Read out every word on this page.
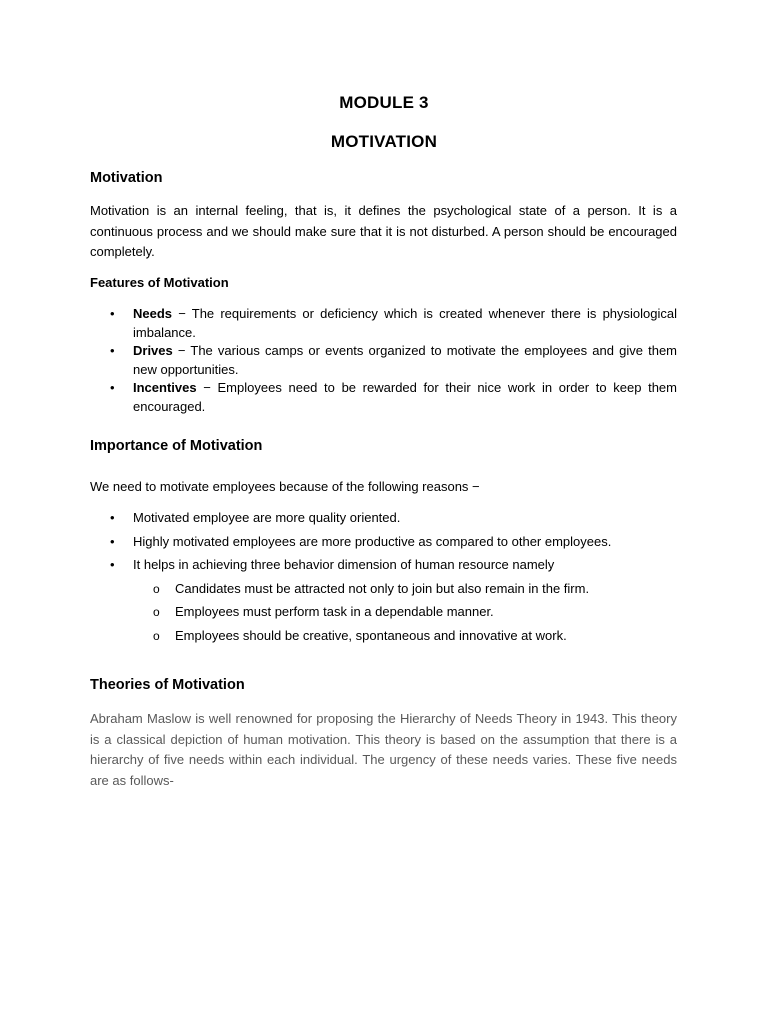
MODULE 3
MOTIVATION
Motivation

Motivation is an internal feeling, that is, it defines the psychological state of a person. It is a continuous process and we should make sure that it is not disturbed. A person should be encouraged completely.

Features of Motivation
• Needs − The requirements or deficiency which is created whenever there is physiological imbalance.
• Drives − The various camps or events organized to motivate the employees and give them new opportunities.
• Incentives − Employees need to be rewarded for their nice work in order to keep them encouraged.
Importance of Motivation
We need to motivate employees because of the following reasons −
• Motivated employee are more quality oriented.
• Highly motivated employees are more productive as compared to other employees.
• It helps in achieving three behavior dimension of human resource namely
o Candidates must be attracted not only to join but also remain in the firm.
o Employees must perform task in a dependable manner.
o Employees should be creative, spontaneous and innovative at work.
Theories of Motivation

Abraham Maslow is well renowned for proposing the Hierarchy of Needs Theory in 1943. This theory is a classical depiction of human motivation. This theory is based on the assumption that there is a hierarchy of five needs within each individual. The urgency of these needs varies. These five needs are as follows-
